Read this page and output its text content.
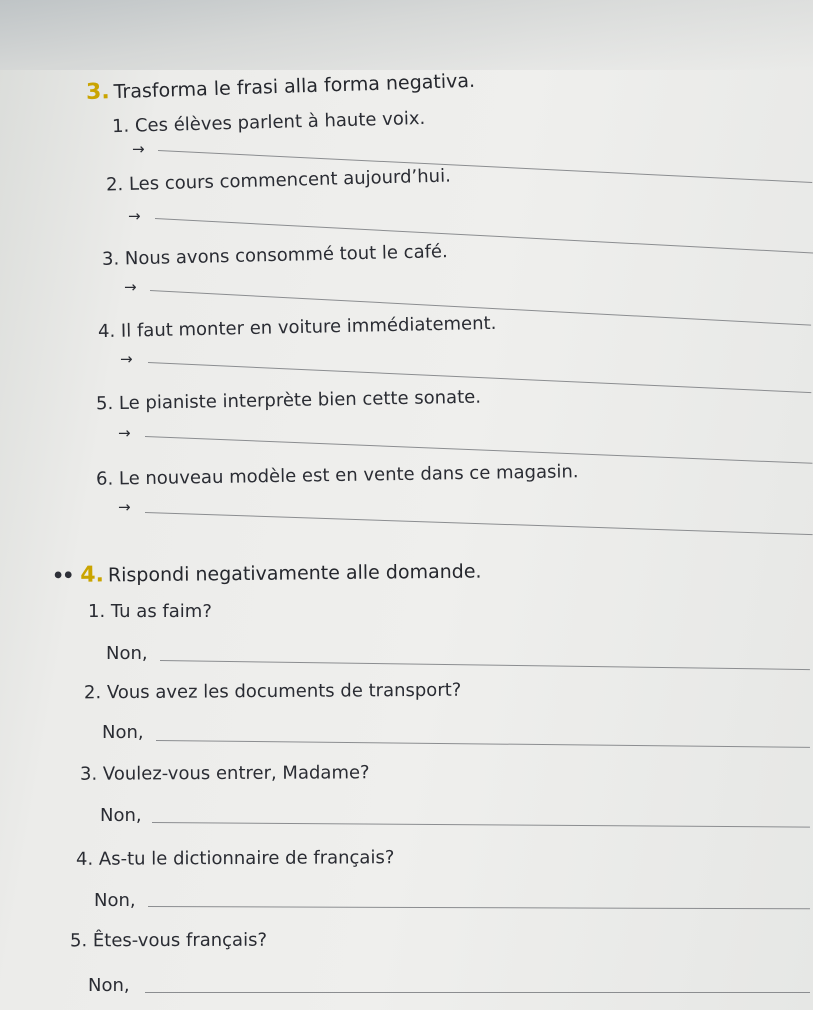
3. Trasforma le frasi alla forma negativa.
1. Ces élèves parlent à haute voix.
→
2. Les cours commencent aujourd’hui.
→
3. Nous avons consommé tout le café.
→
4. Il faut monter en voiture immédiatement.
→
5. Le pianiste interprète bien cette sonate.
→
6. Le nouveau modèle est en vente dans ce magasin.
→
•• 4. Rispondi negativamente alle domande.
1. Tu as faim?
Non,
2. Vous avez les documents de transport?
Non,
3. Voulez-vous entrer, Madame?
Non,
4. As-tu le dictionnaire de français?
Non,
5. Êtes-vous français?
Non,
